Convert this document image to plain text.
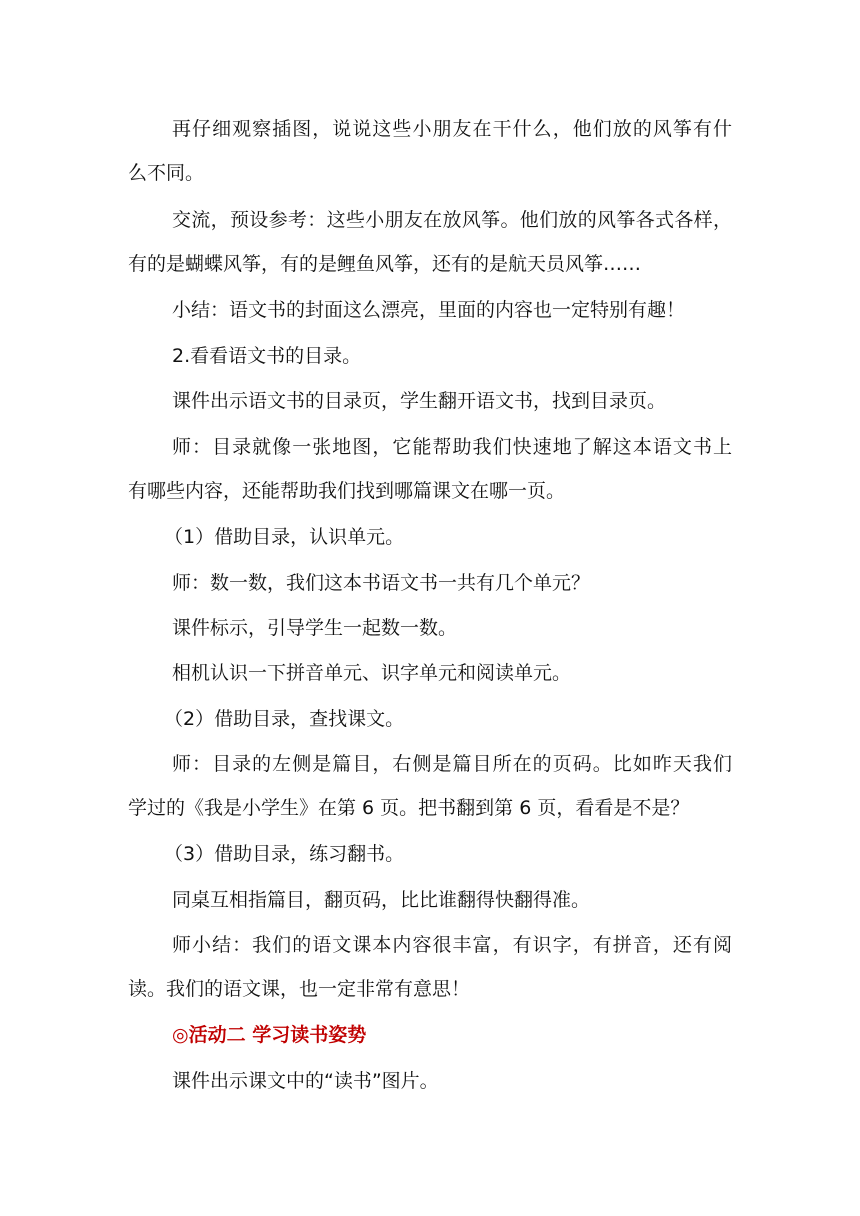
再仔细观察插图，说说这些小朋友在干什么，他们放的风筝有什
么不同。
交流，预设参考：这些小朋友在放风筝。他们放的风筝各式各样，
有的是蝴蝶风筝，有的是鲤鱼风筝，还有的是航天员风筝……
小结：语文书的封面这么漂亮，里面的内容也一定特别有趣！
2.看看语文书的目录。
课件出示语文书的目录页，学生翻开语文书，找到目录页。
师：目录就像一张地图，它能帮助我们快速地了解这本语文书上
有哪些内容，还能帮助我们找到哪篇课文在哪一页。
（1）借助目录，认识单元。
师：数一数，我们这本书语文书一共有几个单元？
课件标示，引导学生一起数一数。
相机认识一下拼音单元、识字单元和阅读单元。
（2）借助目录，查找课文。
师：目录的左侧是篇目，右侧是篇目所在的页码。比如昨天我们
学过的《我是小学生》在第 6 页。把书翻到第 6 页，看看是不是？
（3）借助目录，练习翻书。
同桌互相指篇目，翻页码，比比谁翻得快翻得准。
师小结：我们的语文课本内容很丰富，有识字，有拼音，还有阅
读。我们的语文课，也一定非常有意思！
◎活动二 学习读书姿势
课件出示课文中的“读书”图片。
